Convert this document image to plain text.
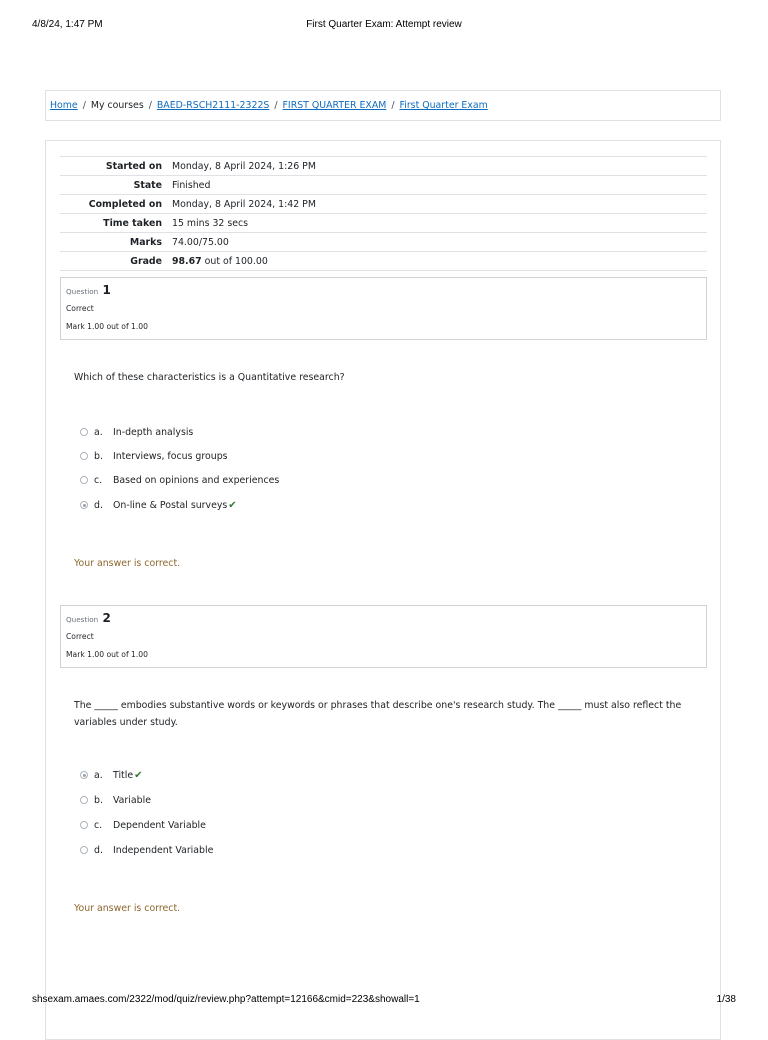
4/8/24, 1:47 PM	First Quarter Exam: Attempt review
Home / My courses / BAED-RSCH2111-2322S / FIRST QUARTER EXAM / First Quarter Exam
Started on	Monday, 8 April 2024, 1:26 PM
State	Finished
Completed on	Monday, 8 April 2024, 1:42 PM
Time taken	15 mins 32 secs
Marks	74.00/75.00
Grade	98.67 out of 100.00
Question 1
Correct
Mark 1.00 out of 1.00
Which of these characteristics is a Quantitative research?
a. In-depth analysis
b. Interviews, focus groups
c. Based on opinions and experiences
d. On-line & Postal surveys✔
Your answer is correct.
Question 2
Correct
Mark 1.00 out of 1.00
The _____ embodies substantive words or keywords or phrases that describe one's research study. The _____ must also reflect the variables under study.
a. Title✔
b. Variable
c. Dependent Variable
d. Independent Variable
Your answer is correct.
shsexam.amaes.com/2322/mod/quiz/review.php?attempt=12166&cmid=223&showall=1	1/38
